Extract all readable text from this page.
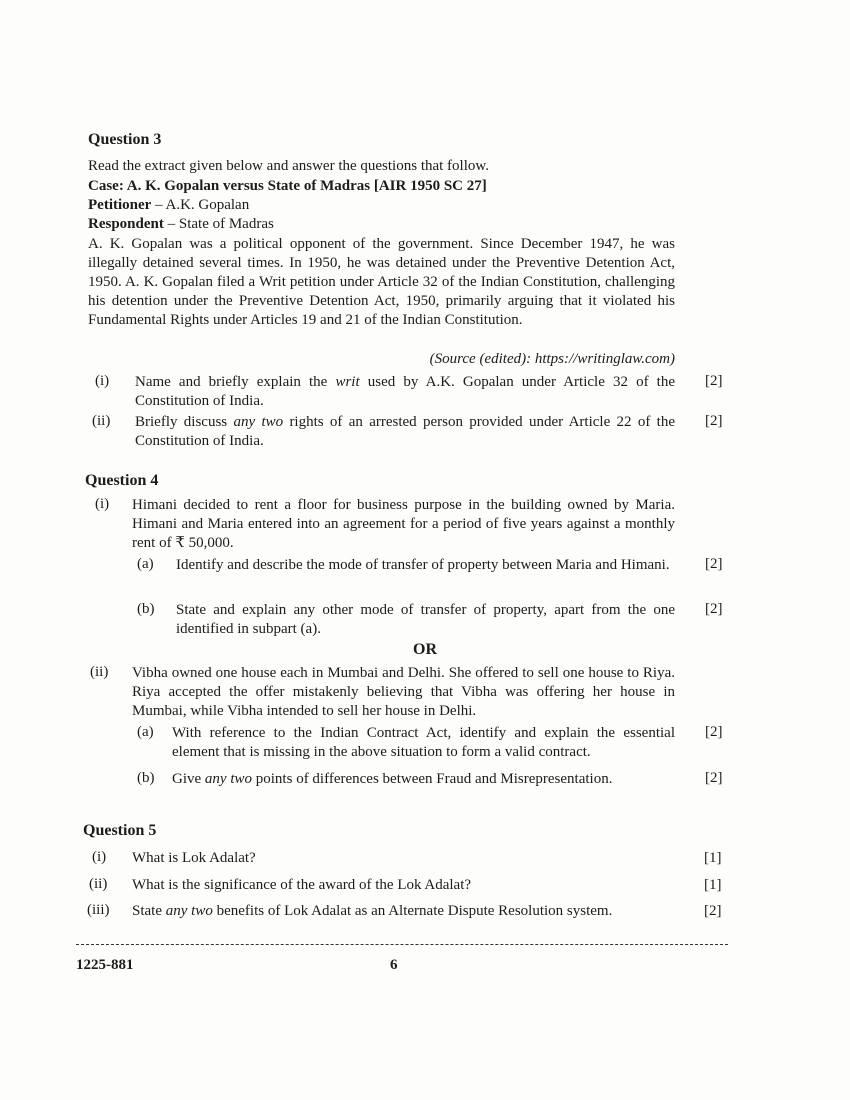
Question 3
Read the extract given below and answer the questions that follow.
Case: A. K. Gopalan versus State of Madras [AIR 1950 SC 27]
Petitioner – A.K. Gopalan
Respondent – State of Madras
A. K. Gopalan was a political opponent of the government. Since December 1947, he was illegally detained several times. In 1950, he was detained under the Preventive Detention Act, 1950. A. K. Gopalan filed a Writ petition under Article 32 of the Indian Constitution, challenging his detention under the Preventive Detention Act, 1950, primarily arguing that it violated his Fundamental Rights under Articles 19 and 21 of the Indian Constitution.
(Source (edited): https://writinglaw.com)
(i) Name and briefly explain the writ used by A.K. Gopalan under Article 32 of the Constitution of India.
[2]
(ii) Briefly discuss any two rights of an arrested person provided under Article 22 of the Constitution of India.
[2]
Question 4
(i) Himani decided to rent a floor for business purpose in the building owned by Maria. Himani and Maria entered into an agreement for a period of five years against a monthly rent of ₹ 50,000.
(a) Identify and describe the mode of transfer of property between Maria and Himani.	[2]
(b) State and explain any other mode of transfer of property, apart from the one identified in subpart (a).
[2]
OR
(ii) Vibha owned one house each in Mumbai and Delhi. She offered to sell one house to Riya. Riya accepted the offer mistakenly believing that Vibha was offering her house in Mumbai, while Vibha intended to sell her house in Delhi.
(a) With reference to the Indian Contract Act, identify and explain the essential element that is missing in the above situation to form a valid contract.
[2]
(b) Give any two points of differences between Fraud and Misrepresentation.	[2]
Question 5
(i) What is Lok Adalat?	[1]
(ii) What is the significance of the award of the Lok Adalat?	[1]
(iii) State any two benefits of Lok Adalat as an Alternate Dispute Resolution system.	[2]
1225-881	6
